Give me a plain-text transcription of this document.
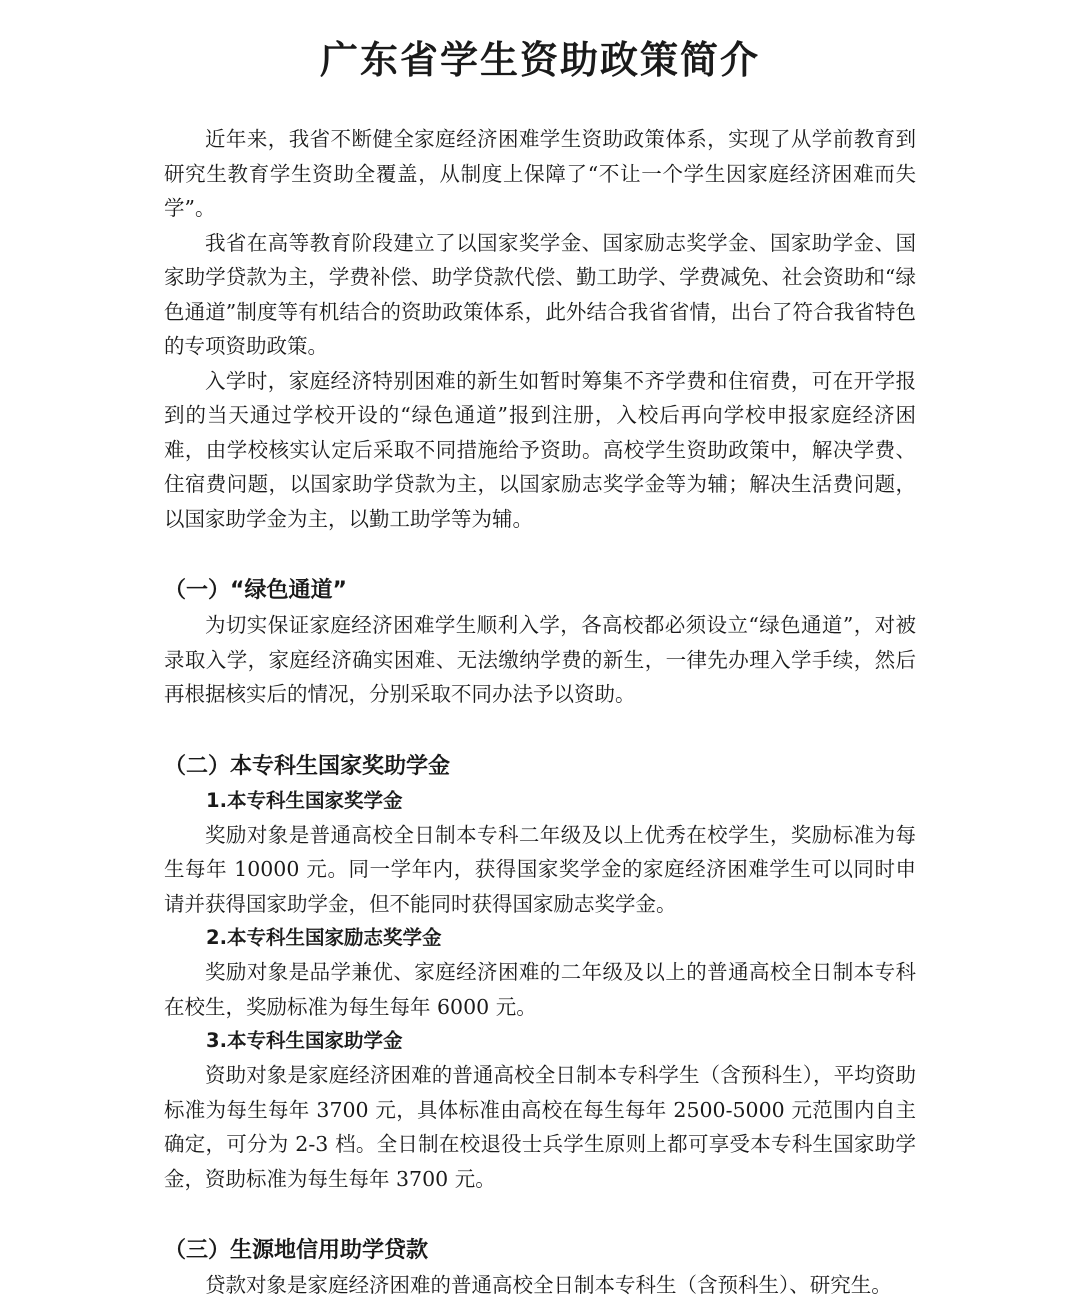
广东省学生资助政策简介

近年来，我省不断健全家庭经济困难学生资助政策体系，实现了从学前教育到研究生教育学生资助全覆盖，从制度上保障了“不让一个学生因家庭经济困难而失学”。

我省在高等教育阶段建立了以国家奖学金、国家励志奖学金、国家助学金、国家助学贷款为主，学费补偿、助学贷款代偿、勤工助学、学费减免、社会资助和“绿色通道”制度等有机结合的资助政策体系，此外结合我省省情，出台了符合我省特色的专项资助政策。

入学时，家庭经济特别困难的新生如暂时筹集不齐学费和住宿费，可在开学报到的当天通过学校开设的“绿色通道”报到注册，入校后再向学校申报家庭经济困难，由学校核实认定后采取不同措施给予资助。高校学生资助政策中，解决学费、住宿费问题，以国家助学贷款为主，以国家励志奖学金等为辅；解决生活费问题，以国家助学金为主，以勤工助学等为辅。

（一）“绿色通道”

为切实保证家庭经济困难学生顺利入学，各高校都必须设立“绿色通道”，对被录取入学，家庭经济确实困难、无法缴纳学费的新生，一律先办理入学手续，然后再根据核实后的情况，分别采取不同办法予以资助。

（二）本专科生国家奖助学金
1.本专科生国家奖学金

奖励对象是普通高校全日制本专科二年级及以上优秀在校学生，奖励标准为每生每年 10000 元。同一学年内，获得国家奖学金的家庭经济困难学生可以同时申请并获得国家助学金，但不能同时获得国家励志奖学金。

2.本专科生国家励志奖学金

奖励对象是品学兼优、家庭经济困难的二年级及以上的普通高校全日制本专科在校生，奖励标准为每生每年 6000 元。

3.本专科生国家助学金

资助对象是家庭经济困难的普通高校全日制本专科学生（含预科生），平均资助标准为每生每年 3700 元，具体标准由高校在每生每年 2500-5000 元范围内自主确定，可分为 2-3 档。全日制在校退役士兵学生原则上都可享受本专科生国家助学金，资助标准为每生每年 3700 元。

（三）生源地信用助学贷款

贷款对象是家庭经济困难的普通高校全日制本专科生（含预科生）、研究生。
